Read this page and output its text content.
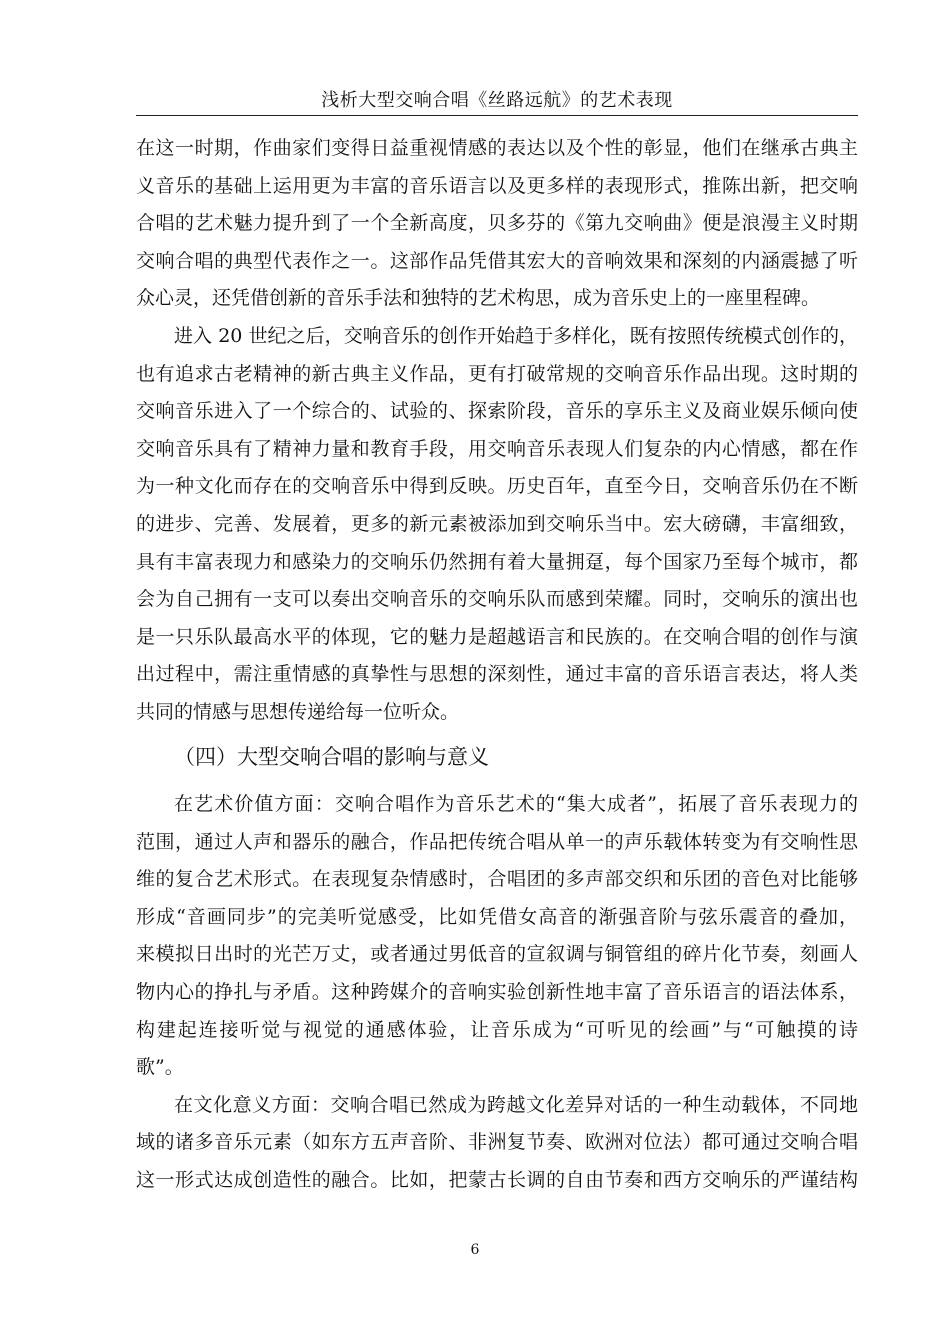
浅析大型交响合唱《丝路远航》的艺术表现
在这一时期，作曲家们变得日益重视情感的表达以及个性的彰显，他们在继承古典主
义音乐的基础上运用更为丰富的音乐语言以及更多样的表现形式，推陈出新，把交响
合唱的艺术魅力提升到了一个全新高度，贝多芬的《第九交响曲》便是浪漫主义时期
交响合唱的典型代表作之一。这部作品凭借其宏大的音响效果和深刻的内涵震撼了听
众心灵，还凭借创新的音乐手法和独特的艺术构思，成为音乐史上的一座里程碑。
进入 20 世纪之后，交响音乐的创作开始趋于多样化，既有按照传统模式创作的，
也有追求古老精神的新古典主义作品，更有打破常规的交响音乐作品出现。这时期的
交响音乐进入了一个综合的、试验的、探索阶段，音乐的享乐主义及商业娱乐倾向使
交响音乐具有了精神力量和教育手段，用交响音乐表现人们复杂的内心情感，都在作
为一种文化而存在的交响音乐中得到反映。历史百年，直至今日，交响音乐仍在不断
的进步、完善、发展着，更多的新元素被添加到交响乐当中。宏大磅礴，丰富细致，
具有丰富表现力和感染力的交响乐仍然拥有着大量拥趸，每个国家乃至每个城市，都
会为自己拥有一支可以奏出交响音乐的交响乐队而感到荣耀。同时，交响乐的演出也
是一只乐队最高水平的体现，它的魅力是超越语言和民族的。在交响合唱的创作与演
出过程中，需注重情感的真挚性与思想的深刻性，通过丰富的音乐语言表达，将人类
共同的情感与思想传递给每一位听众。
（四）大型交响合唱的影响与意义
在艺术价值方面：交响合唱作为音乐艺术的“集大成者”，拓展了音乐表现力的
范围，通过人声和器乐的融合，作品把传统合唱从单一的声乐载体转变为有交响性思
维的复合艺术形式。在表现复杂情感时，合唱团的多声部交织和乐团的音色对比能够
形成“音画同步”的完美听觉感受，比如凭借女高音的渐强音阶与弦乐震音的叠加，
来模拟日出时的光芒万丈，或者通过男低音的宣叙调与铜管组的碎片化节奏，刻画人
物内心的挣扎与矛盾。这种跨媒介的音响实验创新性地丰富了音乐语言的语法体系，
构建起连接听觉与视觉的通感体验，让音乐成为“可听见的绘画”与“可触摸的诗
歌”。
在文化意义方面：交响合唱已然成为跨越文化差异对话的一种生动载体，不同地
域的诸多音乐元素（如东方五声音阶、非洲复节奏、欧洲对位法）都可通过交响合唱
这一形式达成创造性的融合。比如，把蒙古长调的自由节奏和西方交响乐的严谨结构
6
